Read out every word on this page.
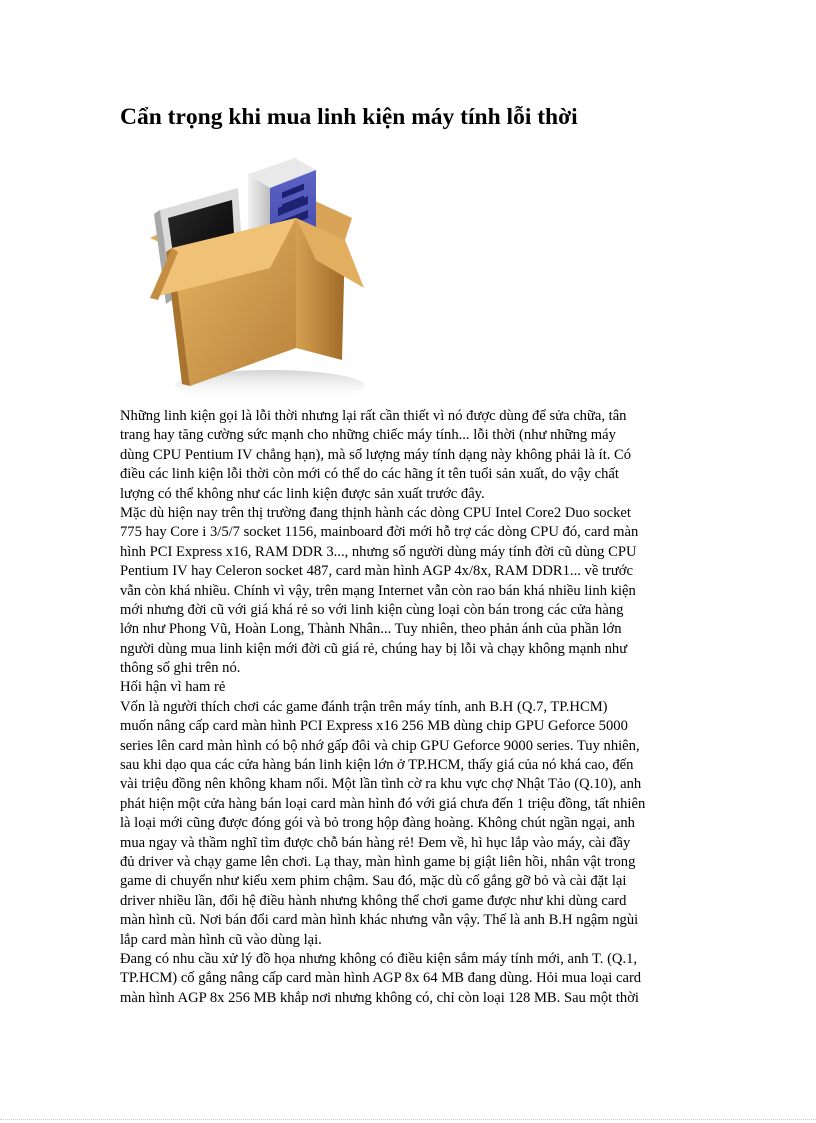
Cẩn trọng khi mua linh kiện máy tính lỗi thời
Những linh kiện gọi là lỗi thời nhưng lại rất cần thiết vì nó được dùng để sửa chữa, tân
trang hay tăng cường sức mạnh cho những chiếc máy tính... lỗi thời (như những máy
dùng CPU Pentium IV chẳng hạn), mà số lượng máy tính dạng này không phải là ít. Có
điều các linh kiện lỗi thời còn mới có thể do các hãng ít tên tuổi sản xuất, do vậy chất
lượng có thể không như các linh kiện được sản xuất trước đây.
Mặc dù hiện nay trên thị trường đang thịnh hành các dòng CPU Intel Core2 Duo socket
775 hay Core i 3/5/7 socket 1156, mainboard đời mới hỗ trợ các dòng CPU đó, card màn
hình PCI Express x16, RAM DDR 3..., nhưng số người dùng máy tính đời cũ dùng CPU
Pentium IV hay Celeron socket 487, card màn hình AGP 4x/8x, RAM DDR1... về trước
vẫn còn khá nhiều. Chính vì vậy, trên mạng Internet vẫn còn rao bán khá nhiều linh kiện
mới nhưng đời cũ với giá khá rẻ so với linh kiện cùng loại còn bán trong các cửa hàng
lớn như Phong Vũ, Hoàn Long, Thành Nhân... Tuy nhiên, theo phản ánh của phần lớn
người dùng mua linh kiện mới đời cũ giá rẻ, chúng hay bị lỗi và chạy không mạnh như
thông số ghi trên nó.
Hối hận vì ham rẻ
Vốn là người thích chơi các game đánh trận trên máy tính, anh B.H (Q.7, TP.HCM)
muốn nâng cấp card màn hình PCI Express x16 256 MB dùng chip GPU Geforce 5000
series lên card màn hình có bộ nhớ gấp đôi và chip GPU Geforce 9000 series. Tuy nhiên,
sau khi dạo qua các cửa hàng bán linh kiện lớn ở TP.HCM, thấy giá của nó khá cao, đến
vài triệu đồng nên không kham nổi. Một lần tình cờ ra khu vực chợ Nhật Tảo (Q.10), anh
phát hiện một cửa hàng bán loại card màn hình đó với giá chưa đến 1 triệu đồng, tất nhiên
là loại mới cũng được đóng gói và bỏ trong hộp đàng hoàng. Không chút ngần ngại, anh
mua ngay và thầm nghĩ tìm được chỗ bán hàng rẻ! Đem về, hì hục lắp vào máy, cài đầy
đủ driver và chạy game lên chơi. Lạ thay, màn hình game bị giật liên hồi, nhân vật trong
game di chuyển như kiểu xem phim chậm. Sau đó, mặc dù cố gắng gỡ bỏ và cài đặt lại
driver nhiều lần, đổi hệ điều hành nhưng không thể chơi game được như khi dùng card
màn hình cũ. Nơi bán đổi card màn hình khác nhưng vẫn vậy. Thế là anh B.H ngậm ngùi
lắp card màn hình cũ vào dùng lại.
Đang có nhu cầu xử lý đồ họa nhưng không có điều kiện sắm máy tính mới, anh T. (Q.1,
TP.HCM) cố gắng nâng cấp card màn hình AGP 8x 64 MB đang dùng. Hỏi mua loại card
màn hình AGP 8x 256 MB khắp nơi nhưng không có, chỉ còn loại 128 MB. Sau một thời
